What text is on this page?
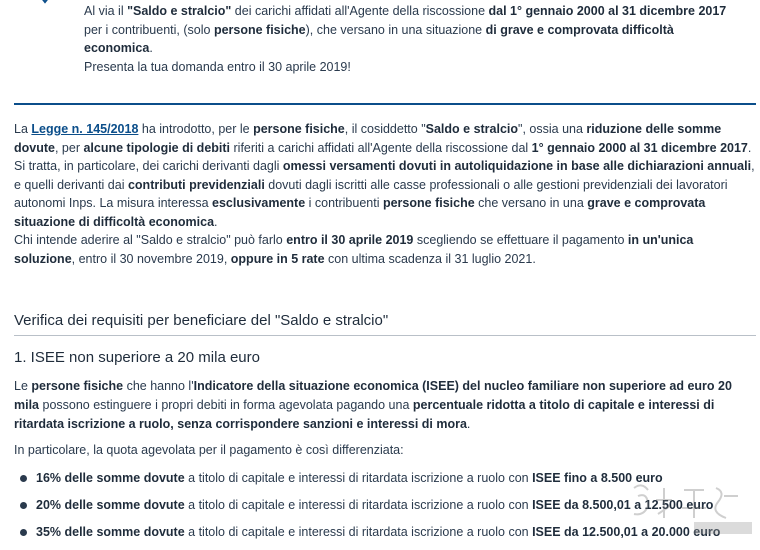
Al via il "Saldo e stralcio" dei carichi affidati all'Agente della riscossione dal 1° gennaio 2000 al 31 dicembre 2017 per i contribuenti, (solo persone fisiche), che versano in una situazione di grave e comprovata difficoltà economica.
Presenta la tua domanda entro il 30 aprile 2019!

La Legge n. 145/2018 ha introdotto, per le persone fisiche, il cosiddetto "Saldo e stralcio", ossia una riduzione delle somme dovute, per alcune tipologie di debiti riferiti a carichi affidati all'Agente della riscossione dal 1° gennaio 2000 al 31 dicembre 2017. Si tratta, in particolare, dei carichi derivanti dagli omessi versamenti dovuti in autoliquidazione in base alle dichiarazioni annuali, e quelli derivanti dai contributi previdenziali dovuti dagli iscritti alle casse professionali o alle gestioni previdenziali dei lavoratori autonomi Inps. La misura interessa esclusivamente i contribuenti persone fisiche che versano in una grave e comprovata situazione di difficoltà economica.

Chi intende aderire al "Saldo e stralcio" può farlo entro il 30 aprile 2019 scegliendo se effettuare il pagamento in un'unica soluzione, entro il 30 novembre 2019, oppure in 5 rate con ultima scadenza il 31 luglio 2021.

Verifica dei requisiti per beneficiare del "Saldo e stralcio"
1. ISEE non superiore a 20 mila euro

Le persone fisiche che hanno l'Indicatore della situazione economica (ISEE) del nucleo familiare non superiore ad euro 20 mila possono estinguere i propri debiti in forma agevolata pagando una percentuale ridotta a titolo di capitale e interessi di ritardata iscrizione a ruolo, senza corrispondere sanzioni e interessi di mora.

In particolare, la quota agevolata per il pagamento è così differenziata:

16% delle somme dovute a titolo di capitale e interessi di ritardata iscrizione a ruolo con ISEE fino a 8.500 euro
20% delle somme dovute a titolo di capitale e interessi di ritardata iscrizione a ruolo con ISEE da 8.500,01 a 12.500 euro
35% delle somme dovute a titolo di capitale e interessi di ritardata iscrizione a ruolo con ISEE da 12.500,01 a 20.000 euro
